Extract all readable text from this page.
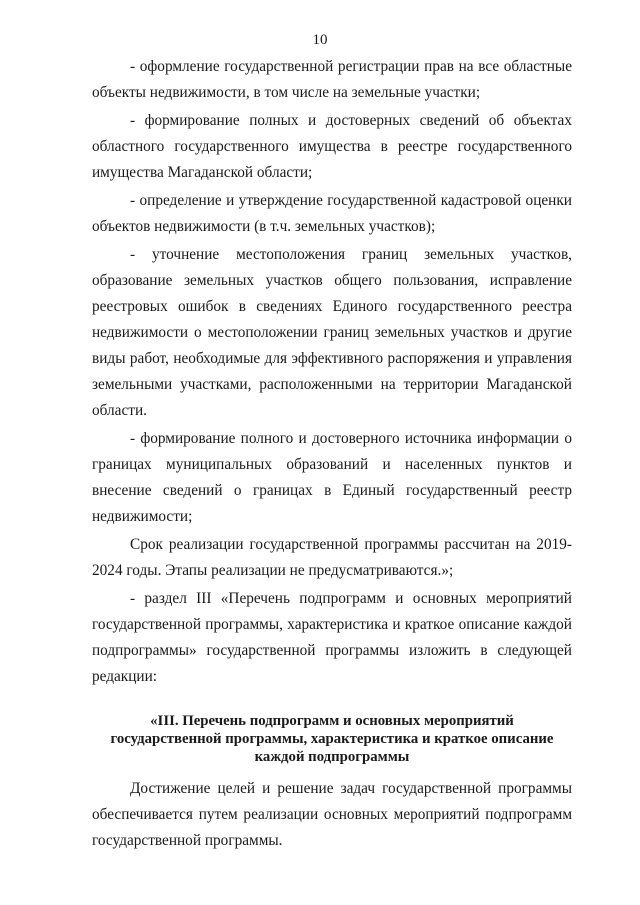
10

- оформление государственной регистрации прав на все областные объекты недвижимости, в том числе на земельные участки;

- формирование полных и достоверных сведений об объектах областного государственного имущества в реестре государственного имущества Магаданской области;

- определение и утверждение государственной кадастровой оценки объектов недвижимости (в т.ч. земельных участков);

- уточнение местоположения границ земельных участков, образование земельных участков общего пользования, исправление реестровых ошибок в сведениях Единого государственного реестра недвижимости о местоположении границ земельных участков и другие виды работ, необходимые для эффективного распоряжения и управления земельными участками, расположенными на территории Магаданской области.

- формирование полного и достоверного источника информации о границах муниципальных образований и населенных пунктов и внесение сведений о границах в Единый государственный реестр недвижимости;

Срок реализации государственной программы рассчитан на 2019-2024 годы. Этапы реализации не предусматриваются.»;

- раздел III «Перечень подпрограмм и основных мероприятий государственной программы, характеристика и краткое описание каждой подпрограммы» государственной программы изложить в следующей редакции:

«III. Перечень подпрограмм и основных мероприятий
государственной программы, характеристика и краткое описание
каждой подпрограммы

Достижение целей и решение задач государственной программы обеспечивается путем реализации основных мероприятий подпрограмм государственной программы.
